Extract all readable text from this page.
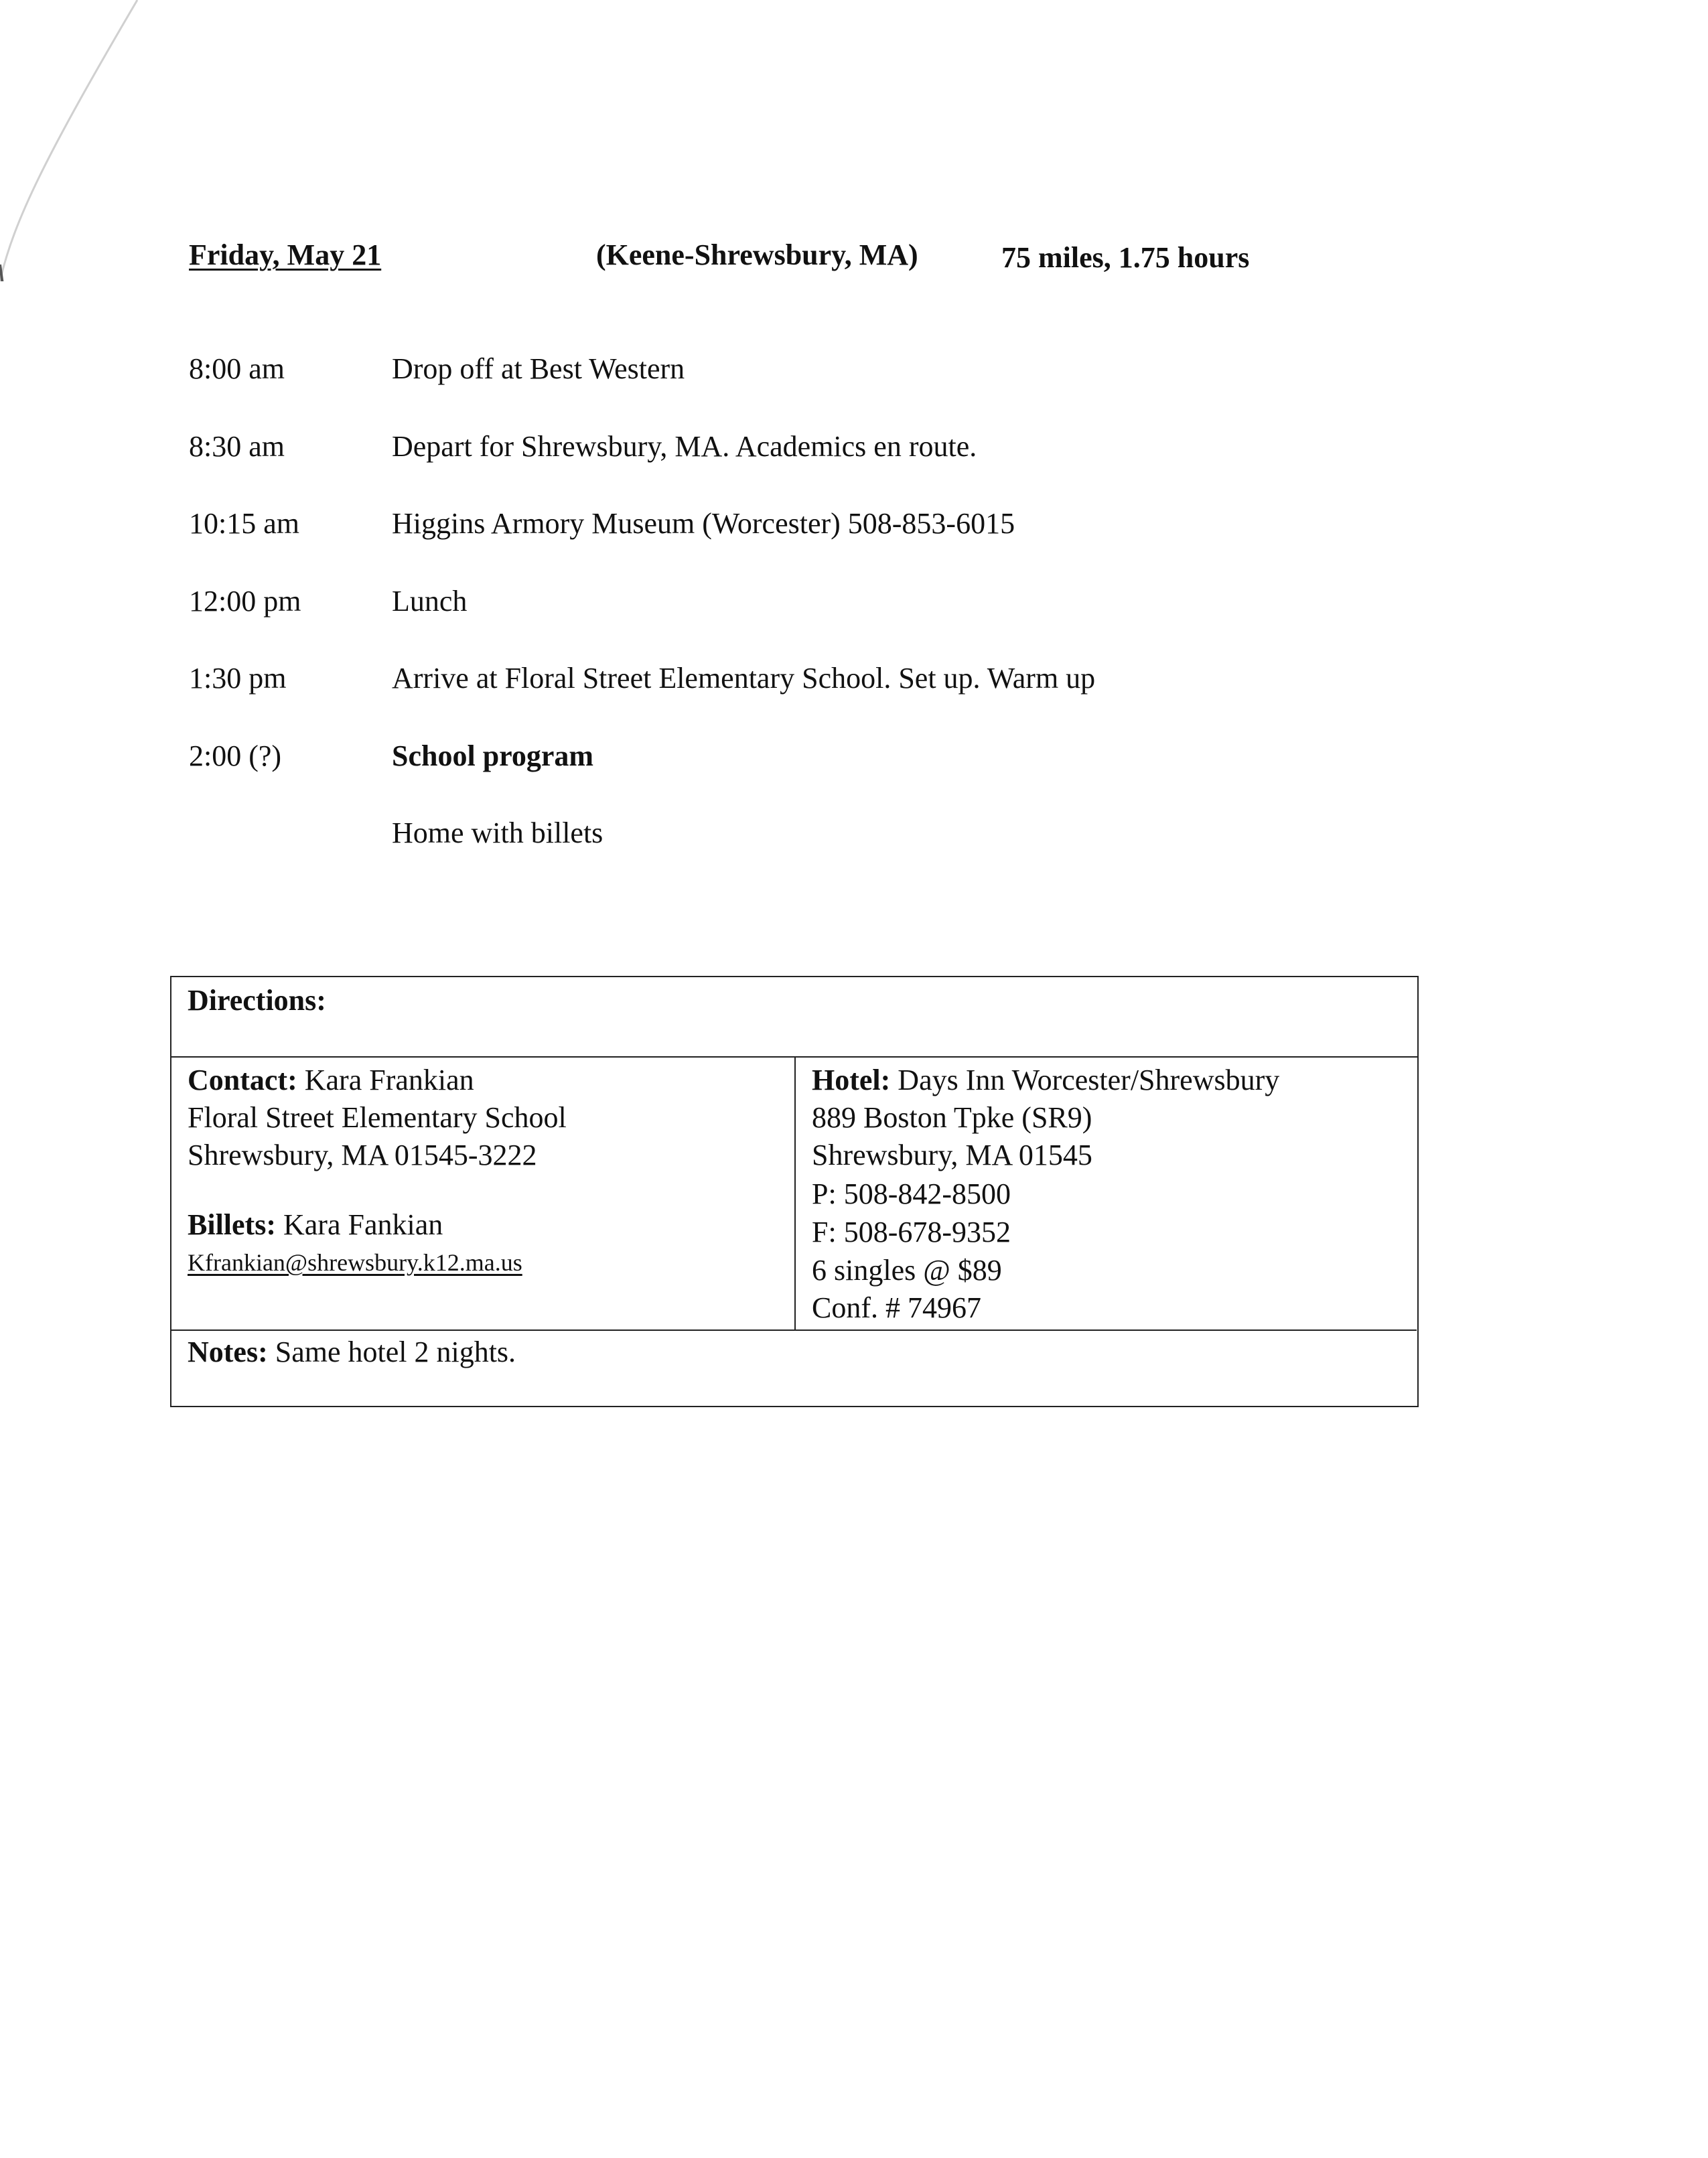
Friday, May 21	(Keene-Shrewsbury, MA)	75 miles, 1.75 hours
8:00 am	Drop off at Best Western
8:30 am	Depart for Shrewsbury, MA. Academics en route.
10:15 am	Higgins Armory Museum (Worcester) 508-853-6015
12:00 pm	Lunch
1:30 pm	Arrive at Floral Street Elementary School. Set up. Warm up
2:00 (?)	School program
Home with billets
Directions:
Contact: Kara Frankian
Floral Street Elementary School
Shrewsbury, MA 01545-3222
Billets: Kara Fankian
Kfrankian@shrewsbury.k12.ma.us
Hotel: Days Inn Worcester/Shrewsbury
889 Boston Tpke (SR9)
Shrewsbury, MA 01545
P: 508-842-8500
F: 508-678-9352
6 singles @ $89
Conf. # 74967
Notes: Same hotel 2 nights.
